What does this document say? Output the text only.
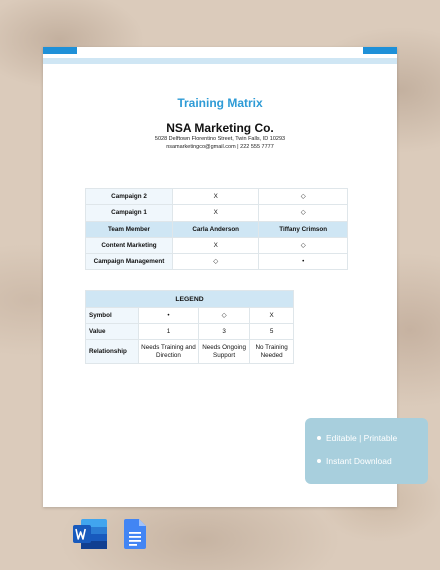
Training Matrix
NSA Marketing Co.
5028 Delftown Florentino Street, Twin Falls, ID 10293
nsamarketingco@gmail.com | 222 555 7777
Campaign 2	X	◇
Campaign 1	X	◇
Team Member	Carla Anderson	Tiffany Crimson
Content Marketing	X	◇
Campaign Management	◇	•
LEGEND			
Symbol	•	◇	X
Value	1	3	5
Relationship	Needs Training and Direction	Needs Ongoing Support	No Training Needed
Editable | Printable
Instant Download
